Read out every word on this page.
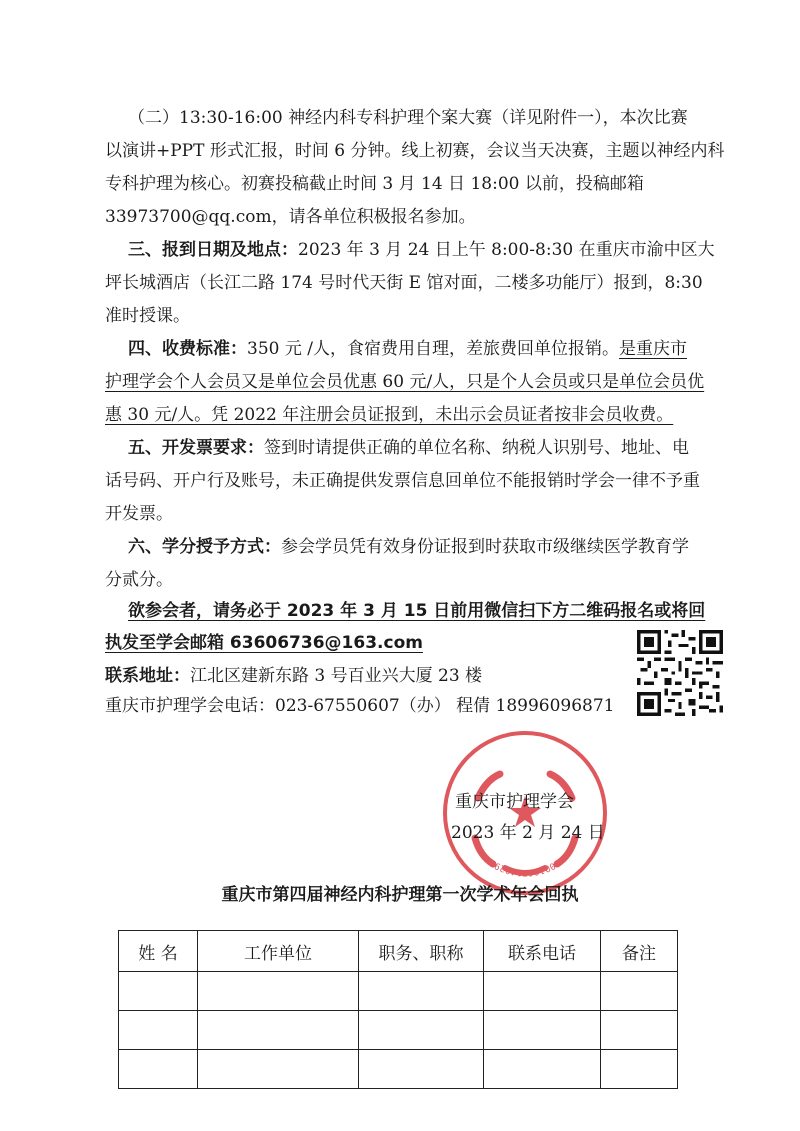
（二）13:30-16:00 神经内科专科护理个案大赛（详见附件一），本次比赛
以演讲+PPT 形式汇报，时间 6 分钟。线上初赛，会议当天决赛，主题以神经内科
专科护理为核心。初赛投稿截止时间 3 月 14 日 18:00 以前，投稿邮箱
33973700@qq.com，请各单位积极报名参加。
三、报到日期及地点：2023 年 3 月 24 日上午 8:00-8:30 在重庆市渝中区大
坪长城酒店（长江二路 174 号时代天街 E 馆对面，二楼多功能厅）报到，8:30
准时授课。
四、收费标准：350 元 /人，食宿费用自理，差旅费回单位报销。是重庆市
护理学会个人会员又是单位会员优惠 60 元/人，只是个人会员或只是单位会员优
惠 30 元/人。凭 2022 年注册会员证报到，未出示会员证者按非会员收费。
五、开发票要求：签到时请提供正确的单位名称、纳税人识别号、地址、电
话号码、开户行及账号，未正确提供发票信息回单位不能报销时学会一律不予重
开发票。
六、学分授予方式：参会学员凭有效身份证报到时获取市级继续医学教育学
分贰分。
欲参会者，请务必于 2023 年 3 月 15 日前用微信扫下方二维码报名或将回
执发至学会邮箱 63606736@163.com
联系地址：江北区建新东路 3 号百业兴大厦 23 楼
重庆市护理学会电话：023-67550607（办） 程倩 18996096871
5001067140296
重庆市护理学会
2023 年 2 月 24 日
重庆市第四届神经内科护理第一次学术年会回执
姓 名	工作单位	职务、职称	联系电话	备注
